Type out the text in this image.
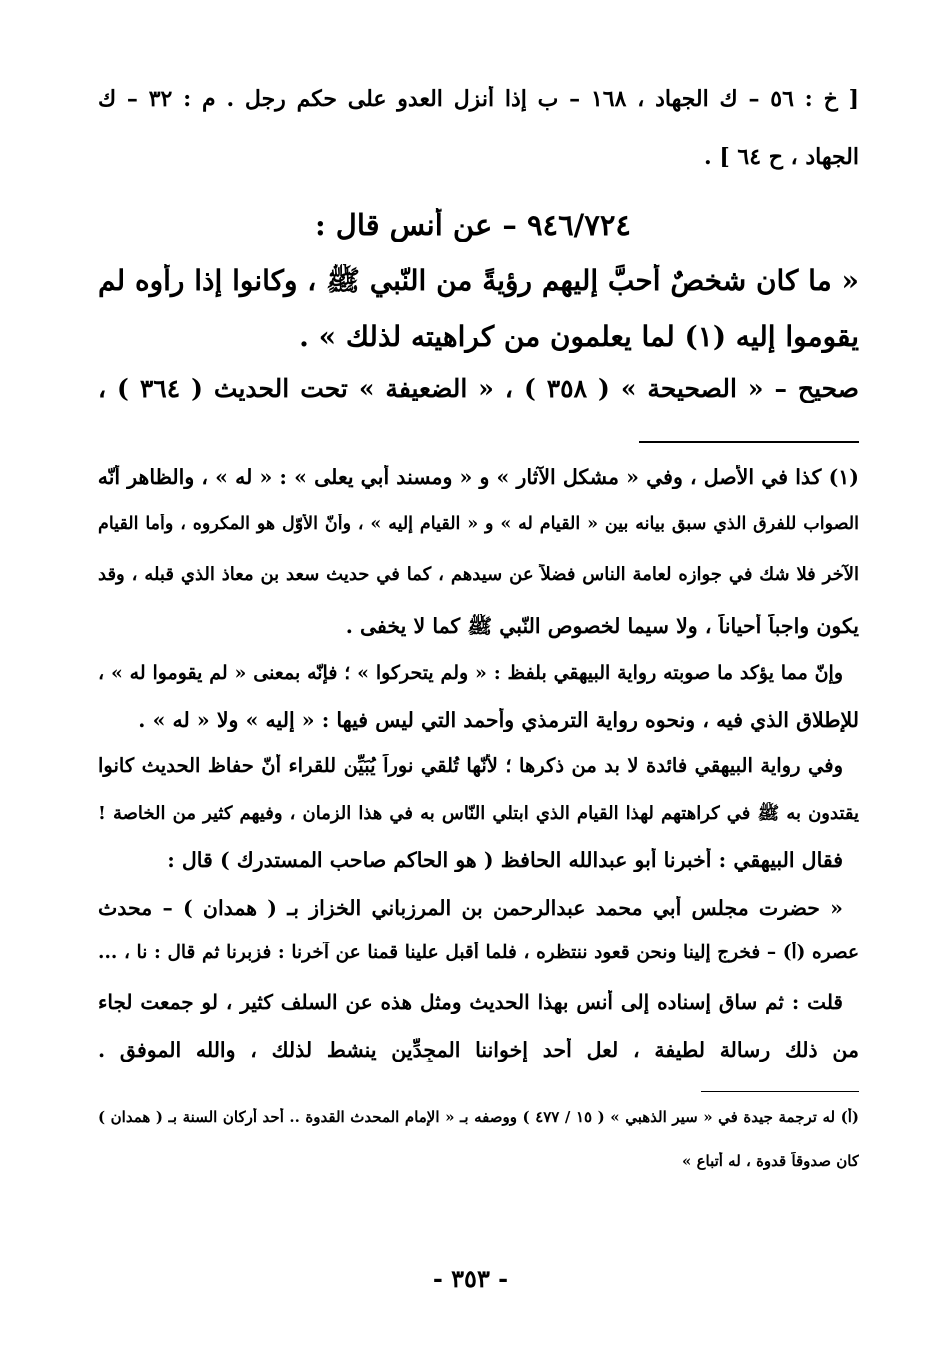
[ خ : ٥٦ – ك الجهاد ، ١٦٨ – ب إذا أنزل العدو على حكم رجل . م : ٣٢ – ك
الجهاد ، ح ٦٤ ] .
٩٤٦/٧٢٤ – عن أنس قال :
« ما كان شخصٌ أحبَّ إليهم رؤيةً من النّبي ﷺ ، وكانوا إذا رأوه لم
يقوموا إليه (١) لما يعلمون من كراهيته لذلك » .
صحيح – « الصحيحة » ( ٣٥٨ ) ، « الضعيفة » تحت الحديث ( ٣٦٤ ) ،
(١) كذا في الأصل ، وفي « مشكل الآثار » و « ومسند أبي يعلى » : « له » ، والظاهر أنّه
الصواب للفرق الذي سبق بيانه بين « القيام له » و « القيام إليه » ، وأنّ الأوّل هو المكروه ، وأما القيام
الآخر فلا شك في جوازه لعامة الناس فضلاً عن سيدهم ، كما في حديث سعد بن معاذ الذي قبله ، وقد
يكون واجباً أحياناً ، ولا سيما لخصوص النّبي ﷺ كما لا يخفى .
وإنّ مما يؤكد ما صوبته رواية البيهقي بلفظ : « ولم يتحركوا » ؛ فإنّه بمعنى « لم يقوموا له » ،
للإطلاق الذي فيه ، ونحوه رواية الترمذي وأحمد التي ليس فيها : « إليه » ولا « له » .
وفي رواية البيهقي فائدة لا بد من ذكرها ؛ لأنّها تُلقي نوراً يُبَيِّن للقراء أنّ حفاظ الحديث كانوا
يقتدون به ﷺ في كراهتهم لهذا القيام الذي ابتلي النّاس به في هذا الزمان ، وفيهم كثير من الخاصة !
فقال البيهقي : أخبرنا أبو عبدالله الحافظ ( هو الحاكم صاحب المستدرك ) قال :
« حضرت مجلس أبي محمد عبدالرحمن بن المرزباني الخزاز بـ ( همدان ) – محدث
عصره (أ) – فخرج إلينا ونحن قعود ننتظره ، فلما أقبل علينا قمنا عن آخرنا : فزبرنا ثم قال : نا ، ...
قلت : ثم ساق إسناده إلى أنس بهذا الحديث ومثل هذه عن السلف كثير ، لو جمعت لجاء
من ذلك رسالة لطيفة ، لعل أحد إخواننا المجِدِّين ينشط لذلك ، والله الموفق .
(أ) له ترجمة جيدة في « سير الذهبي » ( ١٥ / ٤٧٧ ) ووصفه بـ « الإمام المحدث القدوة .. أحد أركان السنة بـ ( همدان )
كان صدوقاً قدوة ، له أتباع »
- ٣٥٣ -
